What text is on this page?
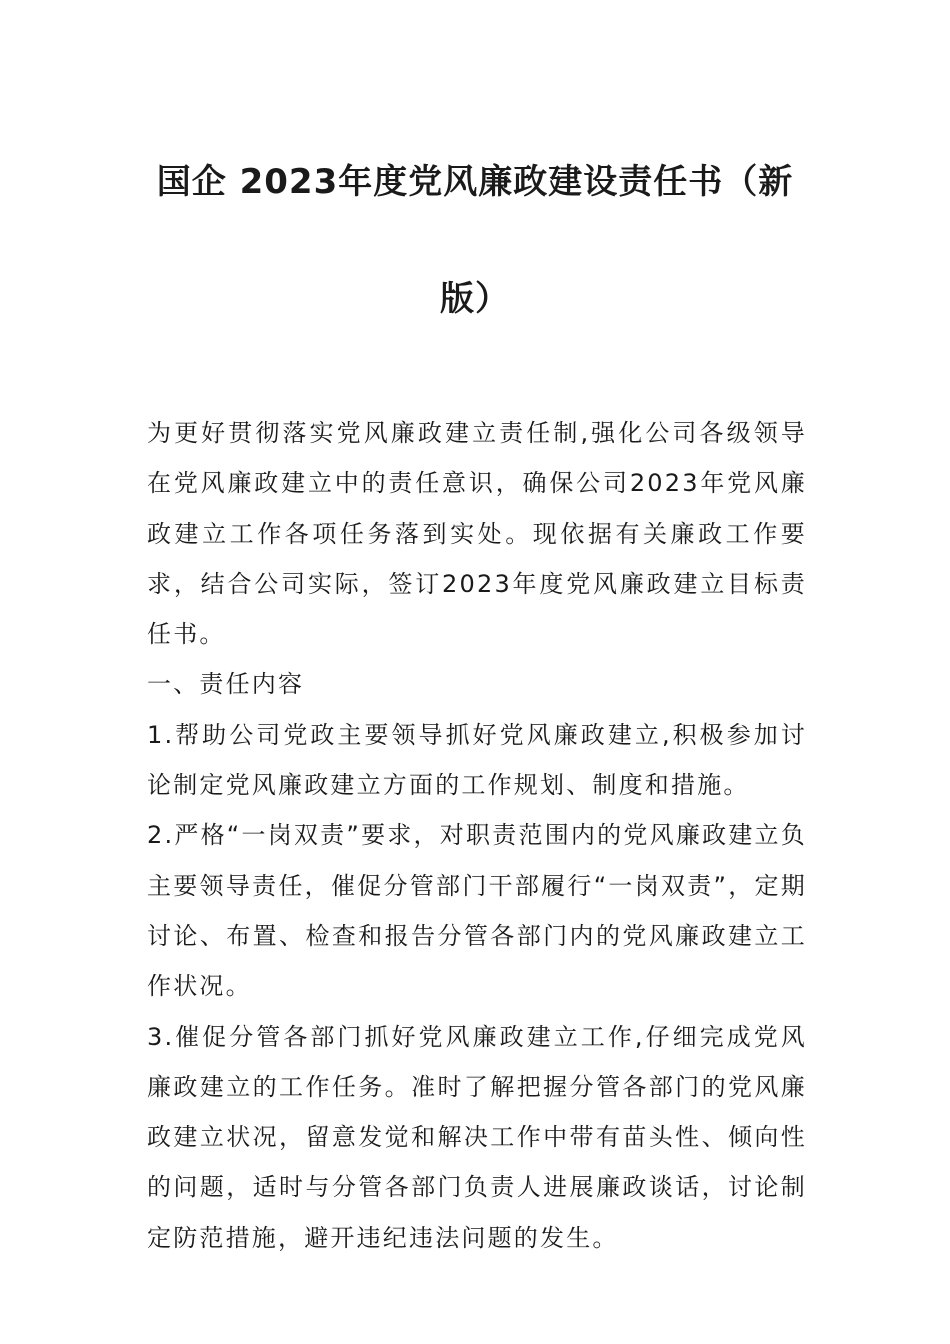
国企 2023年度党风廉政建设责任书（新
版）

为更好贯彻落实党风廉政建立责任制,强化公司各级领导在党风廉政建立中的责任意识，确保公司2023年党风廉政建立工作各项任务落到实处。现依据有关廉政工作要求，结合公司实际，签订2023年度党风廉政建立目标责任书。

一、责任内容

1.帮助公司党政主要领导抓好党风廉政建立,积极参加讨论制定党风廉政建立方面的工作规划、制度和措施。

2.严格“一岗双责”要求，对职责范围内的党风廉政建立负主要领导责任，催促分管部门干部履行“一岗双责”，定期讨论、布置、检查和报告分管各部门内的党风廉政建立工作状况。

3.催促分管各部门抓好党风廉政建立工作,仔细完成党风廉政建立的工作任务。准时了解把握分管各部门的党风廉政建立状况，留意发觉和解决工作中带有苗头性、倾向性的问题，适时与分管各部门负责人进展廉政谈话，讨论制定防范措施，避开违纪违法问题的发生。
